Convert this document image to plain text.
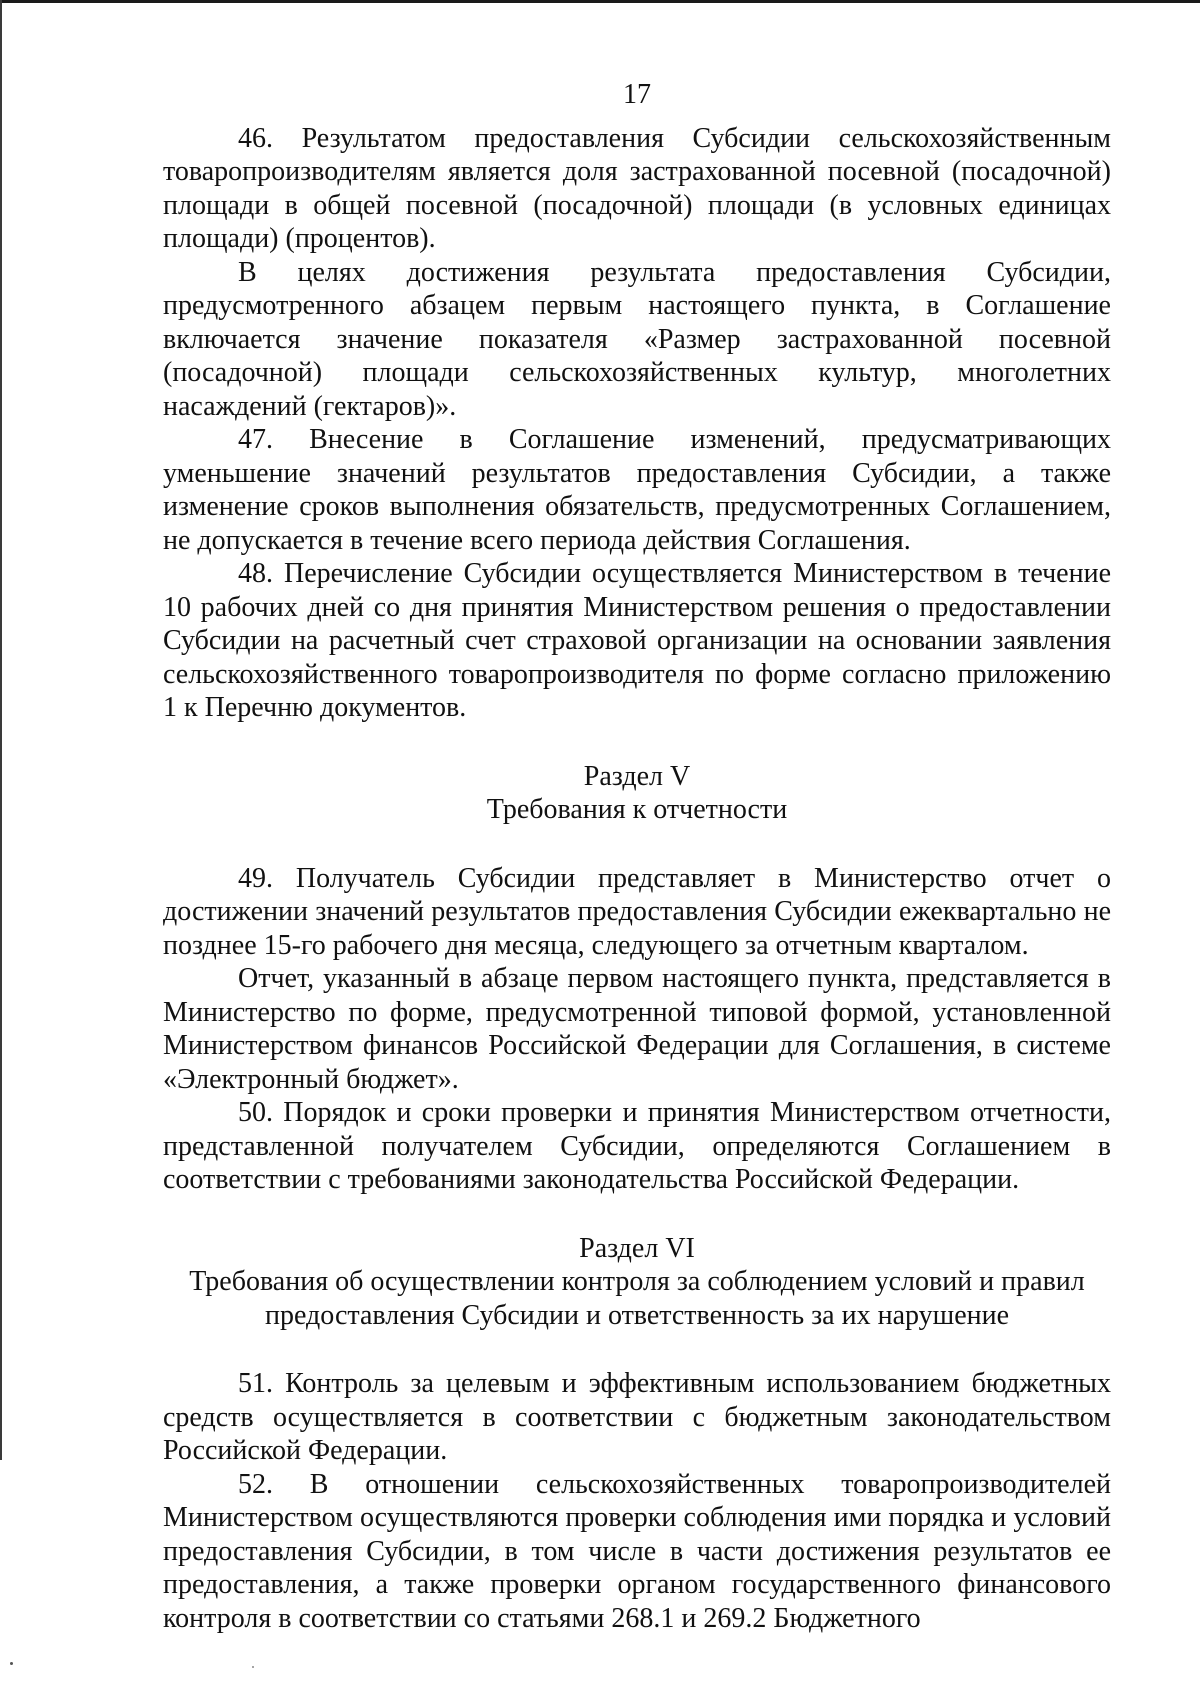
17

46. Результатом предоставления Субсидии сельскохозяйственным товаропроизводителям является доля застрахованной посевной (посадочной) площади в общей посевной (посадочной) площади (в условных единицах площади) (процентов).

В целях достижения результата предоставления Субсидии, предусмотренного абзацем первым настоящего пункта, в Соглашение включается значение показателя «Размер застрахованной посевной (посадочной) площади сельскохозяйственных культур, многолетних насаждений (гектаров)».

47. Внесение в Соглашение изменений, предусматривающих уменьшение значений результатов предоставления Субсидии, а также изменение сроков выполнения обязательств, предусмотренных Соглашением, не допускается в течение всего периода действия Соглашения.

48. Перечисление Субсидии осуществляется Министерством в течение 10 рабочих дней со дня принятия Министерством решения о предоставлении Субсидии на расчетный счет страховой организации на основании заявления сельскохозяйственного товаропроизводителя по форме согласно приложению 1 к Перечню документов.

Раздел V

Требования к отчетности

49. Получатель Субсидии представляет в Министерство отчет о достижении значений результатов предоставления Субсидии ежеквартально не позднее 15-го рабочего дня месяца, следующего за отчетным кварталом.

Отчет, указанный в абзаце первом настоящего пункта, представляется в Министерство по форме, предусмотренной типовой формой, установленной Министерством финансов Российской Федерации для Соглашения, в системе «Электронный бюджет».

50. Порядок и сроки проверки и принятия Министерством отчетности, представленной получателем Субсидии, определяются Соглашением в соответствии с требованиями законодательства Российской Федерации.

Раздел VI

Требования об осуществлении контроля за соблюдением условий и правил

предоставления Субсидии и ответственность за их нарушение

51. Контроль за целевым и эффективным использованием бюджетных средств осуществляется в соответствии с бюджетным законодательством Российской Федерации.

52. В отношении сельскохозяйственных товаропроизводителей Министерством осуществляются проверки соблюдения ими порядка и условий предоставления Субсидии, в том числе в части достижения результатов ее предоставления, а также проверки органом государственного финансового контроля в соответствии со статьями 268.1 и 269.2 Бюджетного
